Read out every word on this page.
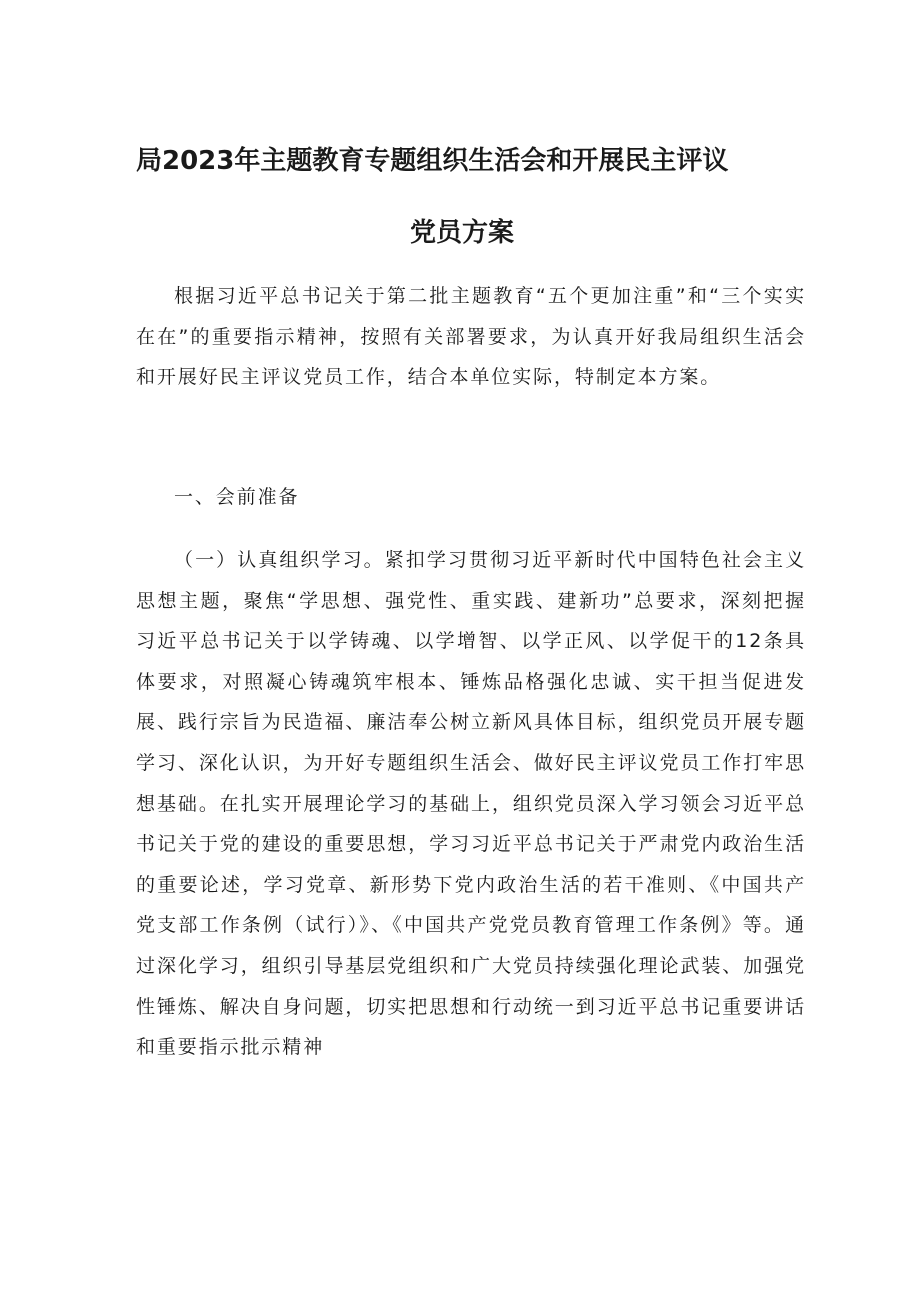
局2023年主题教育专题组织生活会和开展民主评议
党员方案

根据习近平总书记关于第二批主题教育“五个更加注重”和“三个实实在在”的重要指示精神，按照有关部署要求，为认真开好我局组织生活会和开展好民主评议党员工作，结合本单位实际，特制定本方案。

一、会前准备

（一）认真组织学习。紧扣学习贯彻习近平新时代中国特色社会主义思想主题，聚焦“学思想、强党性、重实践、建新功”总要求，深刻把握习近平总书记关于以学铸魂、以学增智、以学正风、以学促干的12条具体要求，对照凝心铸魂筑牢根本、锤炼品格强化忠诚、实干担当促进发展、践行宗旨为民造福、廉洁奉公树立新风具体目标，组织党员开展专题学习、深化认识，为开好专题组织生活会、做好民主评议党员工作打牢思想基础。在扎实开展理论学习的基础上，组织党员深入学习领会习近平总书记关于党的建设的重要思想，学习习近平总书记关于严肃党内政治生活的重要论述，学习党章、新形势下党内政治生活的若干准则、《中国共产党支部工作条例（试行）》、《中国共产党党员教育管理工作条例》等。通过深化学习，组织引导基层党组织和广大党员持续强化理论武装、加强党性锤炼、解决自身问题，切实把思想和行动统一到习近平总书记重要讲话和重要指示批示精神
